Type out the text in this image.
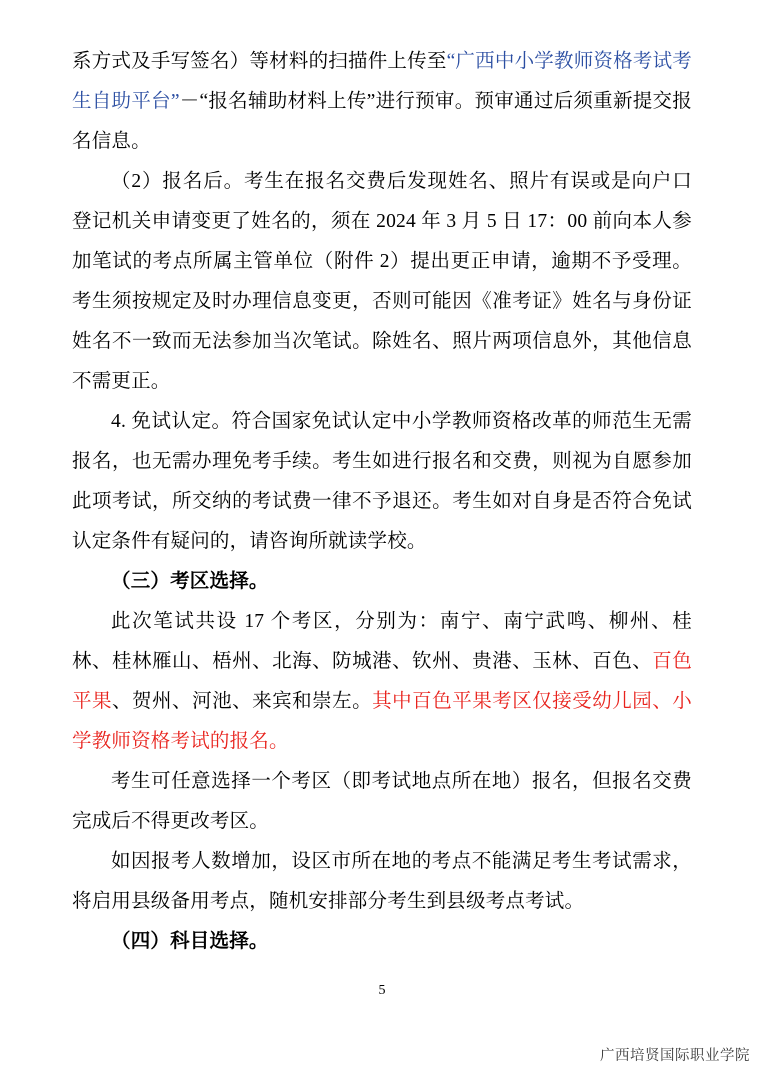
系方式及手写签名）等材料的扫描件上传至“广西中小学教师资格考试考生自助平台”－“报名辅助材料上传”进行预审。预审通过后须重新提交报名信息。

（2）报名后。考生在报名交费后发现姓名、照片有误或是向户口登记机关申请变更了姓名的，须在 2024 年 3 月 5 日 17：00 前向本人参加笔试的考点所属主管单位（附件 2）提出更正申请，逾期不予受理。考生须按规定及时办理信息变更，否则可能因《准考证》姓名与身份证姓名不一致而无法参加当次笔试。除姓名、照片两项信息外，其他信息不需更正。

4. 免试认定。符合国家免试认定中小学教师资格改革的师范生无需报名，也无需办理免考手续。考生如进行报名和交费，则视为自愿参加此项考试，所交纳的考试费一律不予退还。考生如对自身是否符合免试认定条件有疑问的，请咨询所就读学校。

（三）考区选择。

此次笔试共设 17 个考区，分别为：南宁、南宁武鸣、柳州、桂林、桂林雁山、梧州、北海、防城港、钦州、贵港、玉林、百色、百色平果、贺州、河池、来宾和崇左。其中百色平果考区仅接受幼儿园、小学教师资格考试的报名。

考生可任意选择一个考区（即考试地点所在地）报名，但报名交费完成后不得更改考区。

如因报考人数增加，设区市所在地的考点不能满足考生考试需求，将启用县级备用考点，随机安排部分考生到县级考点考试。

（四）科目选择。

5
广西培贤国际职业学院
